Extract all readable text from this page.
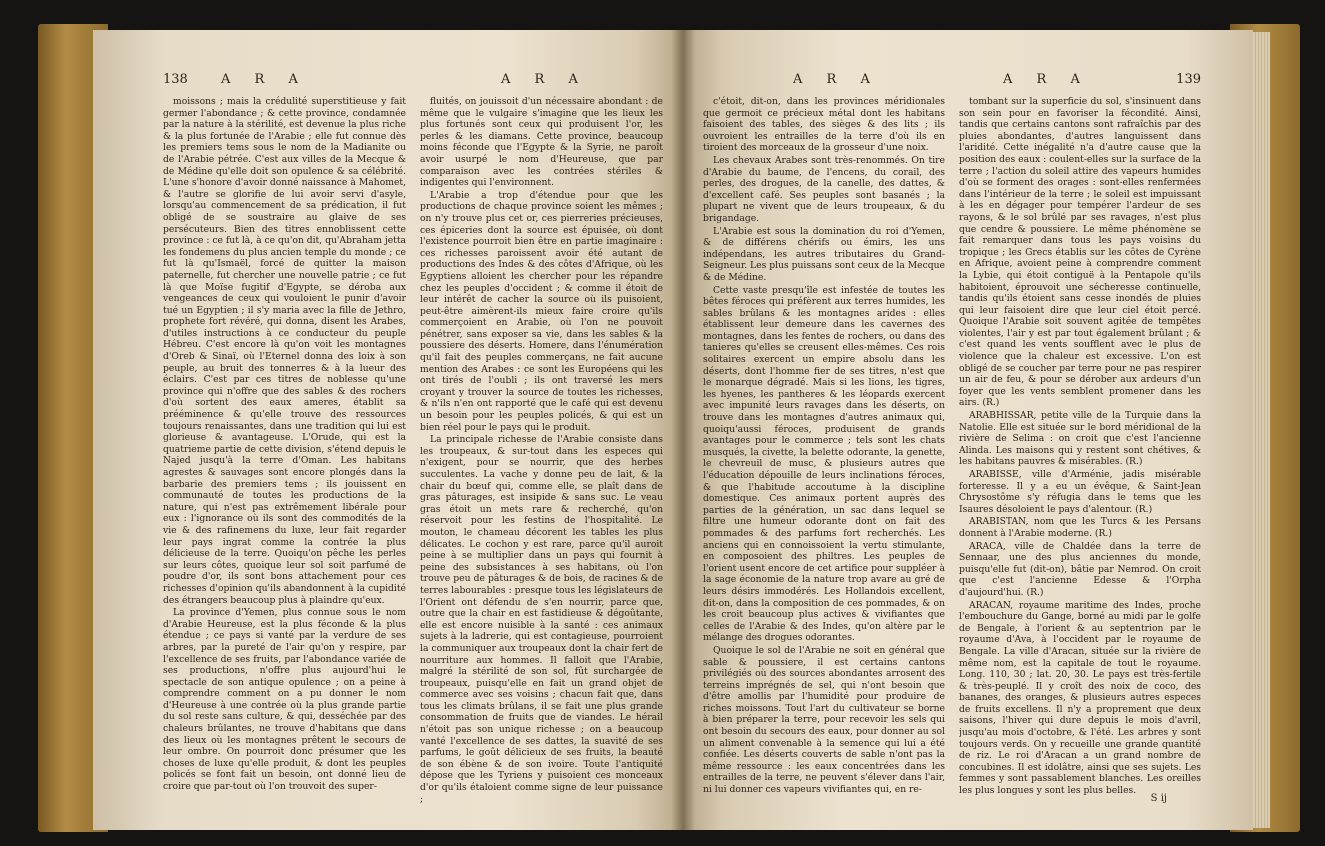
138	A R A	A R A

moissons ; mais la crédulité superstitieuse y fait germer l'abondance ; & cette province, condamnée par la nature à la stérilité, est devenue la plus riche & la plus fortunée de l'Arabie ; elle fut connue dès les premiers tems sous le nom de la Madianite ou de l'Arabie pétrée. C'est aux villes de la Mecque & de Médine qu'elle doit son opulence & sa célébrité. L'une s'honore d'avoir donné naissance à Mahomet, & l'autre se glorifie de lui avoir servi d'asyle, lorsqu'au commencement de sa prédication, il fut obligé de se soustraire au glaive de ses persécuteurs. Bien des titres ennoblissent cette province : ce fut là, à ce qu'on dit, qu'Abraham jetta les fondemens du plus ancien temple du monde ; ce fut là qu'Ismaël, forcé de quitter la maison paternelle, fut chercher une nouvelle patrie ; ce fut là que Moïse fugitif d'Egypte, se déroba aux vengeances de ceux qui vouloient le punir d'avoir tué un Egyptien ; il s'y maria avec la fille de Jethro, prophete fort révéré, qui donna, disent les Arabes, d'utiles instructions à ce conducteur du peuple Hébreu. C'est encore là qu'on voit les montagnes d'Oreb & Sinaï, où l'Eternel donna des loix à son peuple, au bruit des tonnerres & à la lueur des éclairs. C'est par ces titres de noblesse qu'une province qui n'offre que des sables & des rochers d'où sortent des eaux ameres, établit sa prééminence & qu'elle trouve des ressources toujours renaissantes, dans une tradition qui lui est glorieuse & avantageuse. L'Orude, qui est la quatrieme partie de cette division, s'étend depuis le Najed jusqu'à la terre d'Oman. Les habitans agrestes & sauvages sont encore plongés dans la barbarie des premiers tems ; ils jouissent en communauté de toutes les productions de la nature, qui n'est pas extrêmement libérale pour eux : l'ignorance où ils sont des commodités de la vie & des rafinemens du luxe, leur fait regarder leur pays ingrat comme la contrée la plus délicieuse de la terre. Quoiqu'on pêche les perles sur leurs côtes, quoique leur sol soit parfumé de poudre d'or, ils sont bons attachement pour ces richesses d'opinion qu'ils abandonnent à la cupidité des étrangers beaucoup plus à plaindre qu'eux.

La province d'Yemen, plus connue sous le nom d'Arabie Heureuse, est la plus féconde & la plus étendue ; ce pays si vanté par la verdure de ses arbres, par la pureté de l'air qu'on y respire, par l'excellence de ses fruits, par l'abondance variée de ses productions, n'offre plus aujourd'hui le spectacle de son antique opulence ; on a peine à comprendre comment on a pu donner le nom d'Heureuse à une contrée où la plus grande partie du sol reste sans culture, & qui, desséchée par des chaleurs brûlantes, ne trouve d'habitans que dans des lieux où les montagnes prêtent le secours de leur ombre. On pourroit donc présumer que les choses de luxe qu'elle produit, & dont les peuples policés se font fait un besoin, ont donné lieu de croire que par-tout où l'on trouvoit des super-

fluités, on jouissoit d'un nécessaire abondant : de même que le vulgaire s'imagine que les lieux les plus fortunés sont ceux qui produisent l'or, les perles & les diamans. Cette province, beaucoup moins féconde que l'Egypte & la Syrie, ne paroît avoir usurpé le nom d'Heureuse, que par comparaison avec les contrées stériles & indigentes qui l'environnent.

L'Arabie a trop d'étendue pour que les productions de chaque province soient les mêmes ; on n'y trouve plus cet or, ces pierreries précieuses, ces épiceries dont la source est épuisée, où dont l'existence pourroit bien être en partie imaginaire : ces richesses paroissent avoir été autant de productions des Indes & des côtes d'Afrique, où les Egyptiens alloient les chercher pour les répandre chez les peuples d'occident ; & comme il étoit de leur intérêt de cacher la source où ils puisoient, peut-être aimèrent-ils mieux faire croire qu'ils commerçoient en Arabie, où l'on ne pouvoit pénétrer, sans exposer sa vie, dans les sables & la poussiere des déserts. Homere, dans l'énumération qu'il fait des peuples commerçans, ne fait aucune mention des Arabes : ce sont les Européens qui les ont tirés de l'oubli ; ils ont traversé les mers croyant y trouver la source de toutes les richesses, & n'ils n'en ont rapporté que le café qui est devenu un besoin pour les peuples policés, & qui est un bien réel pour le pays qui le produit.

La principale richesse de l'Arabie consiste dans les troupeaux, & sur-tout dans les especes qui n'exigent, pour se nourrir, que des herbes succulentes. La vache y donne peu de lait, & la chair du bœuf qui, comme elle, se plaît dans de gras pâturages, est insipide & sans suc. Le veau gras étoit un mets rare & recherché, qu'on réservoit pour les festins de l'hospitalité. Le mouton, le chameau décorent les tables les plus délicates. Le cochon y est rare, parce qu'il auroit peine à se multiplier dans un pays qui fournit à peine des subsistances à ses habitans, où l'on trouve peu de pâturages & de bois, de racines & de terres labourables : presque tous les législateurs de l'Orient ont défendu de s'en nourrir, parce que, outre que la chair en est fastidieuse & dégoûtante, elle est encore nuisible à la santé : ces animaux sujets à la ladrerie, qui est contagieuse, pourroient la communiquer aux troupeaux dont la chair fert de nourriture aux hommes. Il falloit que l'Arabie, malgré la stérilité de son sol, fût surchargée de troupeaux, puisqu'elle en fait un grand objet de commerce avec ses voisins ; chacun fait que, dans tous les climats brûlans, il se fait une plus grande consommation de fruits que de viandes. Le hérail n'étoit pas son unique richesse ; on a beaucoup vanté l'excellence de ses dattes, la suavité de ses parfums, le goût délicieux de ses fruits, la beauté de son ébène & de son ivoire. Toute l'antiquité dépose que les Tyriens y puisoient ces monceaux d'or qu'ils étaloient comme signe de leur puissance ;

A R A	A R A	139

c'étoit, dit-on, dans les provinces méridionales que germoit ce précieux métal dont les habitans faisoient des tables, des sièges & des lits ; ils ouvroient les entrailles de la terre d'où ils en tiroient des morceaux de la grosseur d'une noix.

Les chevaux Arabes sont très-renommés. On tire d'Arabie du baume, de l'encens, du corail, des perles, des drogues, de la canelle, des dattes, & d'excellent café. Ses peuples sont basanés ; la plupart ne vivent que de leurs troupeaux, & du brigandage.

L'Arabie est sous la domination du roi d'Yemen, & de différens chérifs ou émirs, les uns indépendans, les autres tributaires du Grand-Seigneur. Les plus puissans sont ceux de la Mecque & de Médine.

Cette vaste presqu'île est infestée de toutes les bêtes féroces qui préfèrent aux terres humides, les sables brûlans & les montagnes arides : elles établissent leur demeure dans les cavernes des montagnes, dans les fentes de rochers, ou dans des tanieres qu'elles se creusent elles-mêmes. Ces rois solitaires exercent un empire absolu dans les déserts, dont l'homme fier de ses titres, n'est que le monarque dégradé. Mais si les lions, les tigres, les hyenes, les pantheres & les léopards exercent avec impunité leurs ravages dans les déserts, on trouve dans les montagnes d'autres animaux qui, quoiqu'aussi féroces, produisent de grands avantages pour le commerce ; tels sont les chats musqués, la civette, la belette odorante, la genette, le chevreuil de musc, & plusieurs autres que l'éducation dépouille de leurs inclinations féroces, & que l'habitude accoutume à la discipline domestique. Ces animaux portent auprès des parties de la génération, un sac dans lequel se filtre une humeur odorante dont on fait des pommades & des parfums fort recherchés. Les anciens qui en connoissoient la vertu stimulante, en composoient des philtres. Les peuples de l'orient usent encore de cet artifice pour suppléer à la sage économie de la nature trop avare au gré de leurs désirs immodérés. Les Hollandois excellent, dit-on, dans la composition de ces pommades, & on les croit beaucoup plus actives & vivifiantes que celles de l'Arabie & des Indes, qu'on altère par le mélange des drogues odorantes.

Quoique le sol de l'Arabie ne soit en général que sable & poussiere, il est certains cantons privilégiés où des sources abondantes arrosent des terreins imprégnés de sel, qui n'ont besoin que d'être amollis par l'humidité pour produire de riches moissons. Tout l'art du cultivateur se borne à bien préparer la terre, pour recevoir les sels qui ont besoin du secours des eaux, pour donner au sol un aliment convenable à la semence qui lui a été confiée. Les déserts couverts de sable n'ont pas la même ressource : les eaux concentrées dans les entrailles de la terre, ne peuvent s'élever dans l'air, ni lui donner ces vapeurs vivifiantes qui, en re-

tombant sur la superficie du sol, s'insinuent dans son sein pour en favoriser la fécondité. Ainsi, tandis que certains cantons sont rafraîchis par des pluies abondantes, d'autres languissent dans l'aridité. Cette inégalité n'a d'autre cause que la position des eaux : coulent-elles sur la surface de la terre ; l'action du soleil attire des vapeurs humides d'où se forment des orages : sont-elles renfermées dans l'intérieur de la terre ; le soleil est impuissant à les en dégager pour tempérer l'ardeur de ses rayons, & le sol brûlé par ses ravages, n'est plus que cendre & poussiere. Le même phénomène se fait remarquer dans tous les pays voisins du tropique ; les Grecs établis sur les côtes de Cyrène en Afrique, avoient peine à comprendre comment la Lybie, qui étoit contiguë à la Pentapole qu'ils habitoient, éprouvoit une sécheresse continuelle, tandis qu'ils étoient sans cesse inondés de pluies qui leur faisoient dire que leur ciel étoit percé. Quoique l'Arabie soit souvent agitée de tempêtes violentes, l'air y est par tout également brûlant ; & c'est quand les vents soufflent avec le plus de violence que la chaleur est excessive. L'on est obligé de se coucher par terre pour ne pas respirer un air de feu, & pour se dérober aux ardeurs d'un foyer que les vents semblent promener dans les airs. (R.)

ARABHISSAR, petite ville de la Turquie dans la Natolie. Elle est située sur le bord méridional de la rivière de Selima : on croit que c'est l'ancienne Alinda. Les maisons qui y restent sont chétives, & les habitans pauvres & misérables. (R.)

ARABISSE, ville d'Arménie, jadis misérable forteresse. Il y a eu un évêque, & Saint-Jean Chrysostôme s'y réfugia dans le tems que les Isaures désoloient le pays d'alentour. (R.)

ARABISTAN, nom que les Turcs & les Persans donnent à l'Arabie moderne. (R.)

ARACA, ville de Chaldée dans la terre de Sennaar, une des plus anciennes du monde, puisqu'elle fut (dit-on), bâtie par Nemrod. On croit que c'est l'ancienne Edesse & l'Orpha d'aujourd'hui. (R.)

ARACAN, royaume maritime des Indes, proche l'embouchure du Gange, borné au midi par le golfe de Bengale, à l'orient & au septentrion par le royaume d'Ava, à l'occident par le royaume de Bengale. La ville d'Aracan, située sur la rivière de même nom, est la capitale de tout le royaume. Long. 110, 30 ; lat. 20, 30. Le pays est très-fertile & très-peuplé. Il y croît des noix de coco, des bananes, des oranges, & plusieurs autres especes de fruits excellens. Il n'y a proprement que deux saisons, l'hiver qui dure depuis le mois d'avril, jusqu'au mois d'octobre, & l'été. Les arbres y sont toujours verds. On y recueille une grande quantité de riz. Le roi d'Aracan a un grand nombre de concubines. Il est idolâtre, ainsi que ses sujets. Les femmes y sont passablement blanches. Les oreilles les plus longues y sont les plus belles.

S ij
